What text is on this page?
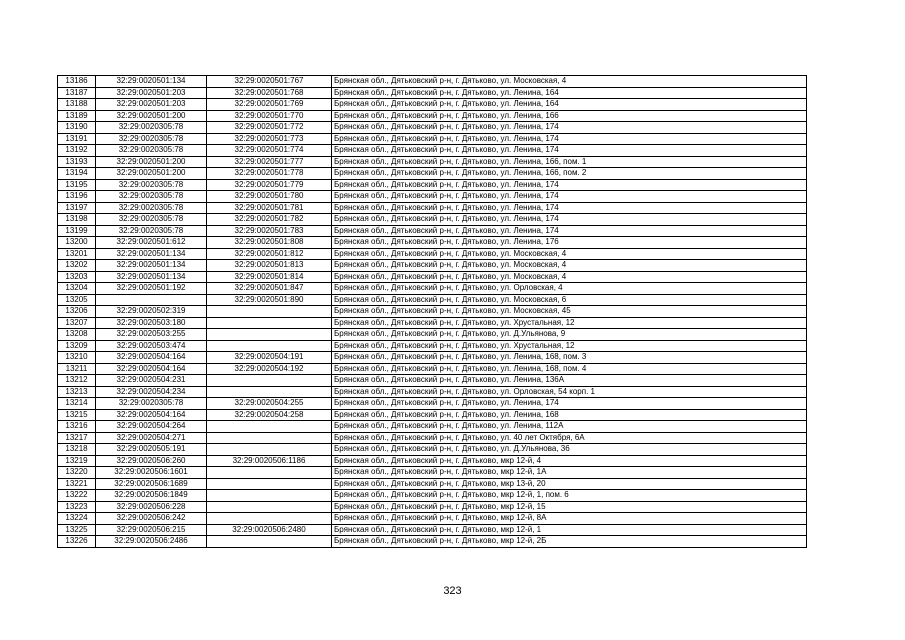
13186	32:29:0020501:134	32:29:0020501:767	Брянская обл., Дятьковский р-н, г. Дятьково, ул. Московская, 4
13187	32:29:0020501:203	32:29:0020501:768	Брянская обл., Дятьковский р-н, г. Дятьково, ул. Ленина, 164
13188	32:29:0020501:203	32:29:0020501:769	Брянская обл., Дятьковский р-н, г. Дятьково, ул. Ленина, 164
13189	32:29:0020501:200	32:29:0020501:770	Брянская обл., Дятьковский р-н, г. Дятьково, ул. Ленина, 166
13190	32:29:0020305:78	32:29:0020501:772	Брянская обл., Дятьковский р-н, г. Дятьково, ул. Ленина, 174
13191	32:29:0020305:78	32:29:0020501:773	Брянская обл., Дятьковский р-н, г. Дятьково, ул. Ленина, 174
13192	32:29:0020305:78	32:29:0020501:774	Брянская обл., Дятьковский р-н, г. Дятьково, ул. Ленина, 174
13193	32:29:0020501:200	32:29:0020501:777	Брянская обл., Дятьковский р-н, г. Дятьково, ул. Ленина, 166, пом. 1
13194	32:29:0020501:200	32:29:0020501:778	Брянская обл., Дятьковский р-н, г. Дятьково, ул. Ленина, 166, пом. 2
13195	32:29:0020305:78	32:29:0020501:779	Брянская обл., Дятьковский р-н, г. Дятьково, ул. Ленина, 174
13196	32:29:0020305:78	32:29:0020501:780	Брянская обл., Дятьковский р-н, г. Дятьково, ул. Ленина, 174
13197	32:29:0020305:78	32:29:0020501:781	Брянская обл., Дятьковский р-н, г. Дятьково, ул. Ленина, 174
13198	32:29:0020305:78	32:29:0020501:782	Брянская обл., Дятьковский р-н, г. Дятьково, ул. Ленина, 174
13199	32:29:0020305:78	32:29:0020501:783	Брянская обл., Дятьковский р-н, г. Дятьково, ул. Ленина, 174
13200	32:29:0020501:612	32:29:0020501:808	Брянская обл., Дятьковский р-н, г. Дятьково, ул. Ленина, 176
13201	32:29:0020501:134	32:29:0020501:812	Брянская обл., Дятьковский р-н, г. Дятьково, ул. Московская, 4
13202	32:29:0020501:134	32:29:0020501:813	Брянская обл., Дятьковский р-н, г. Дятьково, ул. Московская, 4
13203	32:29:0020501:134	32:29:0020501:814	Брянская обл., Дятьковский р-н, г. Дятьково, ул. Московская, 4
13204	32:29:0020501:192	32:29:0020501:847	Брянская обл., Дятьковский р-н, г. Дятьково, ул. Орловская, 4
13205		32:29:0020501:890	Брянская обл., Дятьковский р-н, г. Дятьково, ул. Московская, 6
13206	32:29:0020502:319		Брянская обл., Дятьковский р-н, г. Дятьково, ул. Московская, 45
13207	32:29:0020503:180		Брянская обл., Дятьковский р-н, г. Дятьково, ул. Хрустальная, 12
13208	32:29:0020503:255		Брянская обл., Дятьковский р-н, г. Дятьково, ул. Д.Ульянова, 9
13209	32:29:0020503:474		Брянская обл., Дятьковский р-н, г. Дятьково, ул. Хрустальная, 12
13210	32:29:0020504:164	32:29:0020504:191	Брянская обл., Дятьковский р-н, г. Дятьково, ул. Ленина, 168, пом. 3
13211	32:29:0020504:164	32:29:0020504:192	Брянская обл., Дятьковский р-н, г. Дятьково, ул. Ленина, 168, пом. 4
13212	32:29:0020504:231		Брянская обл., Дятьковский р-н, г. Дятьково, ул. Ленина, 136А
13213	32:29:0020504:234		Брянская обл., Дятьковский р-н, г. Дятьково, ул. Орловская, 54 корп. 1
13214	32:29:0020305:78	32:29:0020504:255	Брянская обл., Дятьковский р-н, г. Дятьково, ул. Ленина, 174
13215	32:29:0020504:164	32:29:0020504:258	Брянская обл., Дятьковский р-н, г. Дятьково, ул. Ленина, 168
13216	32:29:0020504:264		Брянская обл., Дятьковский р-н, г. Дятьково, ул. Ленина, 112А
13217	32:29:0020504:271		Брянская обл., Дятьковский р-н, г. Дятьково, ул. 40 лет Октября, 6А
13218	32:29:0020505:191		Брянская обл., Дятьковский р-н, г. Дятьково, ул. Д.Ульянова, 36
13219	32:29:0020506:260	32:29:0020506:1186	Брянская обл., Дятьковский р-н, г. Дятьково, мкр 12-й, 4
13220	32:29:0020506:1601		Брянская обл., Дятьковский р-н, г. Дятьково, мкр 12-й, 1А
13221	32:29:0020506:1689		Брянская обл., Дятьковский р-н, г. Дятьково, мкр 13-й, 20
13222	32:29:0020506:1849		Брянская обл., Дятьковский р-н, г. Дятьково, мкр 12-й, 1, пом. 6
13223	32:29:0020506:228		Брянская обл., Дятьковский р-н, г. Дятьково, мкр 12-й, 15
13224	32:29:0020506:242		Брянская обл., Дятьковский р-н, г. Дятьково, мкр 12-й, 8А
13225	32:29:0020506:215	32:29:0020506:2480	Брянская обл., Дятьковский р-н, г. Дятьково, мкр 12-й, 1
13226	32:29:0020506:2486		Брянская обл., Дятьковский р-н, г. Дятьково, мкр 12-й, 2Б
323
